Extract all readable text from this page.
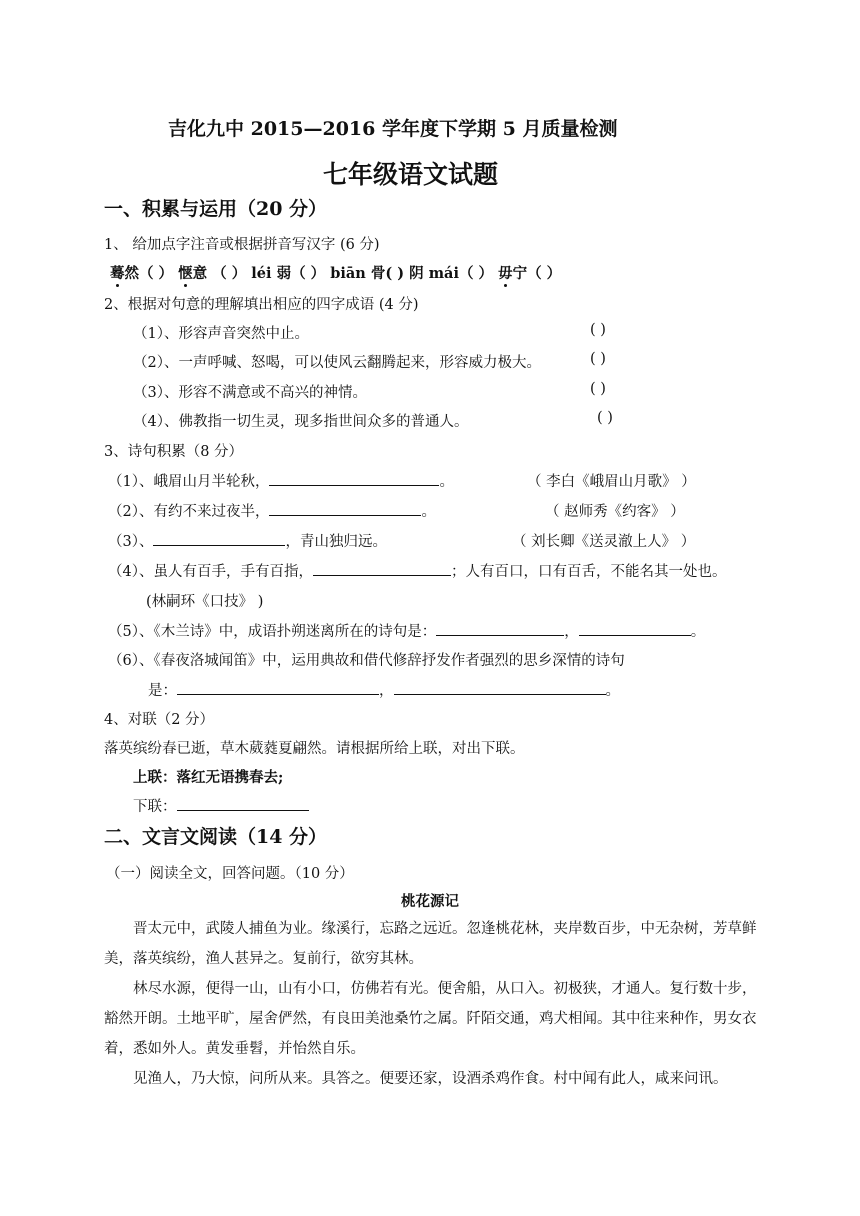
吉化九中 2015—2016 学年度下学期 5 月质量检测
七年级语文试题
一、积累与运用（20 分）
1、 给加点字注音或根据拼音写汉字 (6 分)
蓦然（ ） 惬意 （ ） léi 弱（ ） biān 骨( ) 阴 mái（ ） 毋宁（ ）
2、根据对句意的理解填出相应的四字成语 (4 分)
（1）、形容声音突然中止。	( )
（2）、一声呼喊、怒喝，可以使风云翻腾起来，形容威力极大。	( )
（3）、形容不满意或不高兴的神情。	( )
（4）、佛教指一切生灵，现多指世间众多的普通人。	( )
3、诗句积累（8 分）
（1）、峨眉山月半轮秋，	。	（ 李白《峨眉山月歌》 ）
（2）、有约不来过夜半，	。	（ 赵师秀《约客》 ）
（3）、	，青山独归远。	（ 刘长卿《送灵澈上人》 ）
（4）、虽人有百手，手有百指，	；人有百口，口有百舌，不能名其一处也。
(林嗣环《口技》 )
（5）、《木兰诗》中，成语扑朔迷离所在的诗句是：	，	。
（6）、《春夜洛城闻笛》中，运用典故和借代修辞抒发作者强烈的思乡深情的诗句
是：	，	。
4、对联（2 分）
落英缤纷春已逝，草木葳蕤夏翩然。请根据所给上联，对出下联。
上联：落红无语携春去;
下联：
二、文言文阅读（14 分）
（一）阅读全文，回答问题。（10 分）
桃花源记
晋太元中，武陵人捕鱼为业。缘溪行，忘路之远近。忽逢桃花林，夹岸数百步，中无杂树，芳草鲜美，落英缤纷，渔人甚异之。复前行，欲穷其林。
林尽水源，便得一山，山有小口，仿佛若有光。便舍船，从口入。初极狭，才通人。复行数十步，豁然开朗。土地平旷，屋舍俨然，有良田美池桑竹之属。阡陌交通，鸡犬相闻。其中往来种作，男女衣着，悉如外人。黄发垂髫，并怡然自乐。
见渔人，乃大惊，问所从来。具答之。便要还家，设酒杀鸡作食。村中闻有此人，咸来问讯。
